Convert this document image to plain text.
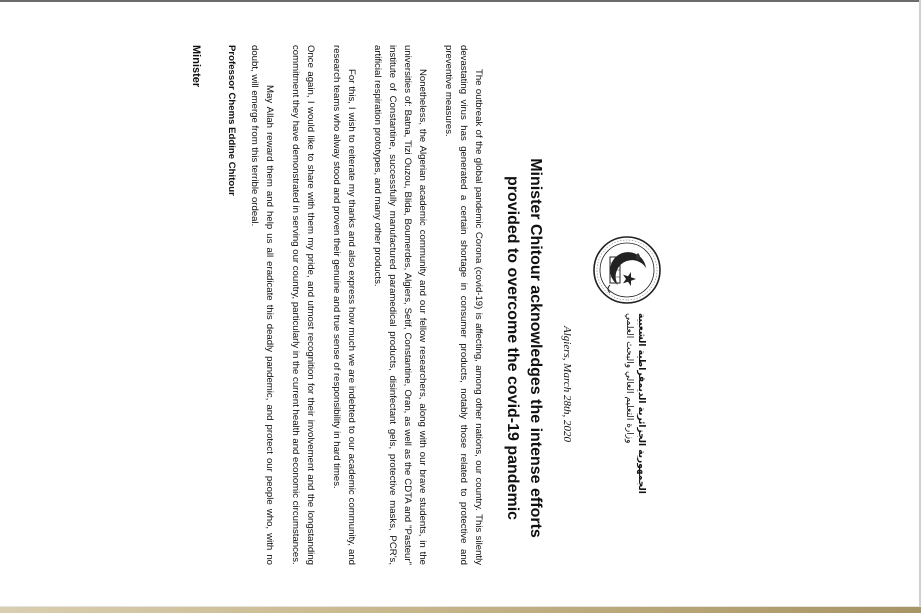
الجمهورية الجزائرية الديمقراطية الشعبية
وزارة التعليم العالي والبحث العلمي
Algiers, March 28th, 2020
Minister Chitour acknowledges the intense efforts provided to overcome the covid-19 pandemic

The outbreak of the global pandemic Corona (covid-19) is affecting, among other nations, our country. This silently devastating virus has generated a certain shortage in consumer products, notably those related to protective and preventive measures.

Nonetheless, the Algerian academic community and our fellow researchers, along with our brave students, in the universities of: Batna, Tizi Ouzou, Blida, Boumerdes, Algiers, Setif, Constantine, Oran, as well as the CDTA and "Pasteur" institute of Constantine, successfully manufactured paramedical products, disinfectant gels, protective masks, PCR's, artificial respiration prototypes, and many other products.

For this, I wish to reiterate my thanks and also express how much we are indebted to our academic community, and research teams who alway stood and proven their genuine and true sense of responsibility in hard times.

Once again, I would like to share with them my pride, and utmost recognition for their involvement and the longstanding commitment they have demonstrated in serving our country, particularly in the current health and economic circumstances.

May Allah reward them and help us all eradicate this deadly pandemic, and protect our people who, with no doubt, will emerge from this terrible ordeal.

Professor Chems Eddine Chitour
Minister
